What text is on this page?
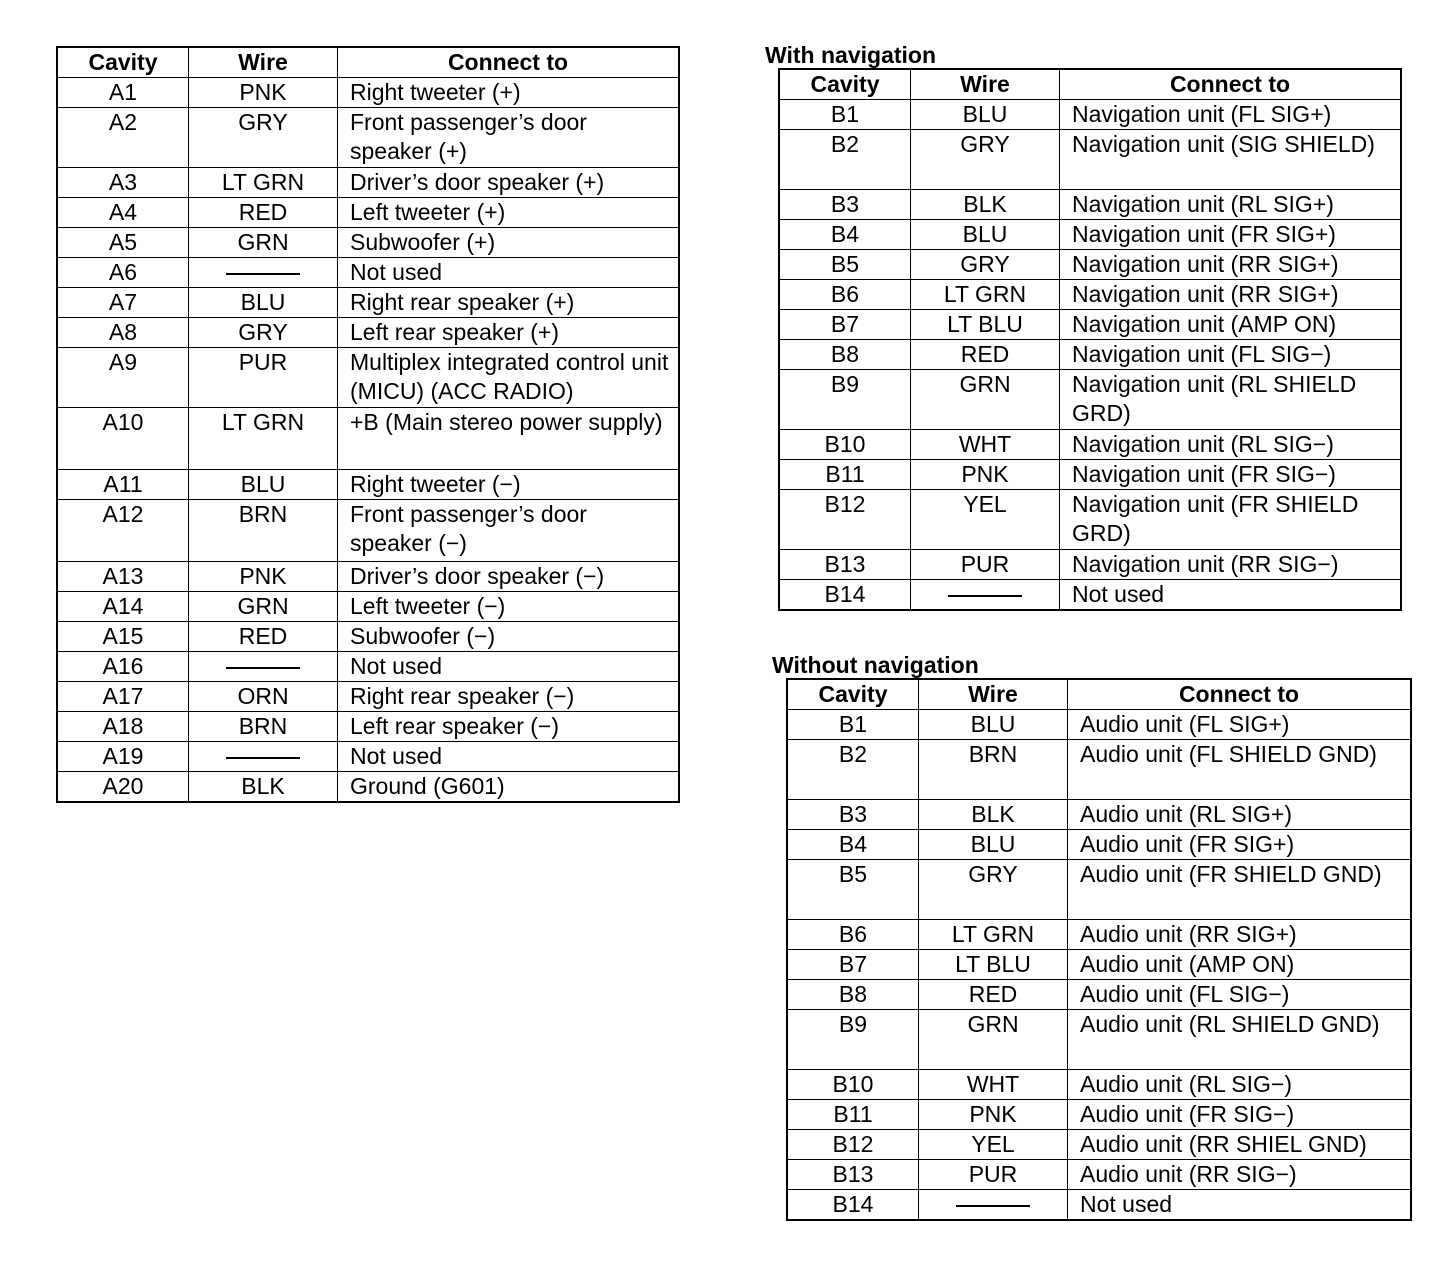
Cavity	Wire	Connect to
A1	PNK	Right tweeter (+)
A2	GRY	Front passenger’s door speaker (+)
A3	LT GRN	Driver’s door speaker (+)
A4	RED	Left tweeter (+)
A5	GRN	Subwoofer (+)
A6		Not used
A7	BLU	Right rear speaker (+)
A8	GRY	Left rear speaker (+)
A9	PUR	Multiplex integrated control unit (MICU) (ACC RADIO)
A10	LT GRN	+B (Main stereo power supply)
A11	BLU	Right tweeter (−)
A12	BRN	Front passenger’s door speaker (−)
A13	PNK	Driver’s door speaker (−)
A14	GRN	Left tweeter (−)
A15	RED	Subwoofer (−)
A16		Not used
A17	ORN	Right rear speaker (−)
A18	BRN	Left rear speaker (−)
A19		Not used
A20	BLK	Ground (G601)
With navigation
Cavity	Wire	Connect to
B1	BLU	Navigation unit (FL SIG+)
B2	GRY	Navigation unit (SIG SHIELD)
B3	BLK	Navigation unit (RL SIG+)
B4	BLU	Navigation unit (FR SIG+)
B5	GRY	Navigation unit (RR SIG+)
B6	LT GRN	Navigation unit (RR SIG+)
B7	LT BLU	Navigation unit (AMP ON)
B8	RED	Navigation unit (FL SIG−)
B9	GRN	Navigation unit (RL SHIELD GRD)
B10	WHT	Navigation unit (RL SIG−)
B11	PNK	Navigation unit (FR SIG−)
B12	YEL	Navigation unit (FR SHIELD GRD)
B13	PUR	Navigation unit (RR SIG−)
B14		Not used
Without navigation
Cavity	Wire	Connect to
B1	BLU	Audio unit (FL SIG+)
B2	BRN	Audio unit (FL SHIELD GND)
B3	BLK	Audio unit (RL SIG+)
B4	BLU	Audio unit (FR SIG+)
B5	GRY	Audio unit (FR SHIELD GND)
B6	LT GRN	Audio unit (RR SIG+)
B7	LT BLU	Audio unit (AMP ON)
B8	RED	Audio unit (FL SIG−)
B9	GRN	Audio unit (RL SHIELD GND)
B10	WHT	Audio unit (RL SIG−)
B11	PNK	Audio unit (FR SIG−)
B12	YEL	Audio unit (RR SHIEL GND)
B13	PUR	Audio unit (RR SIG−)
B14		Not used
